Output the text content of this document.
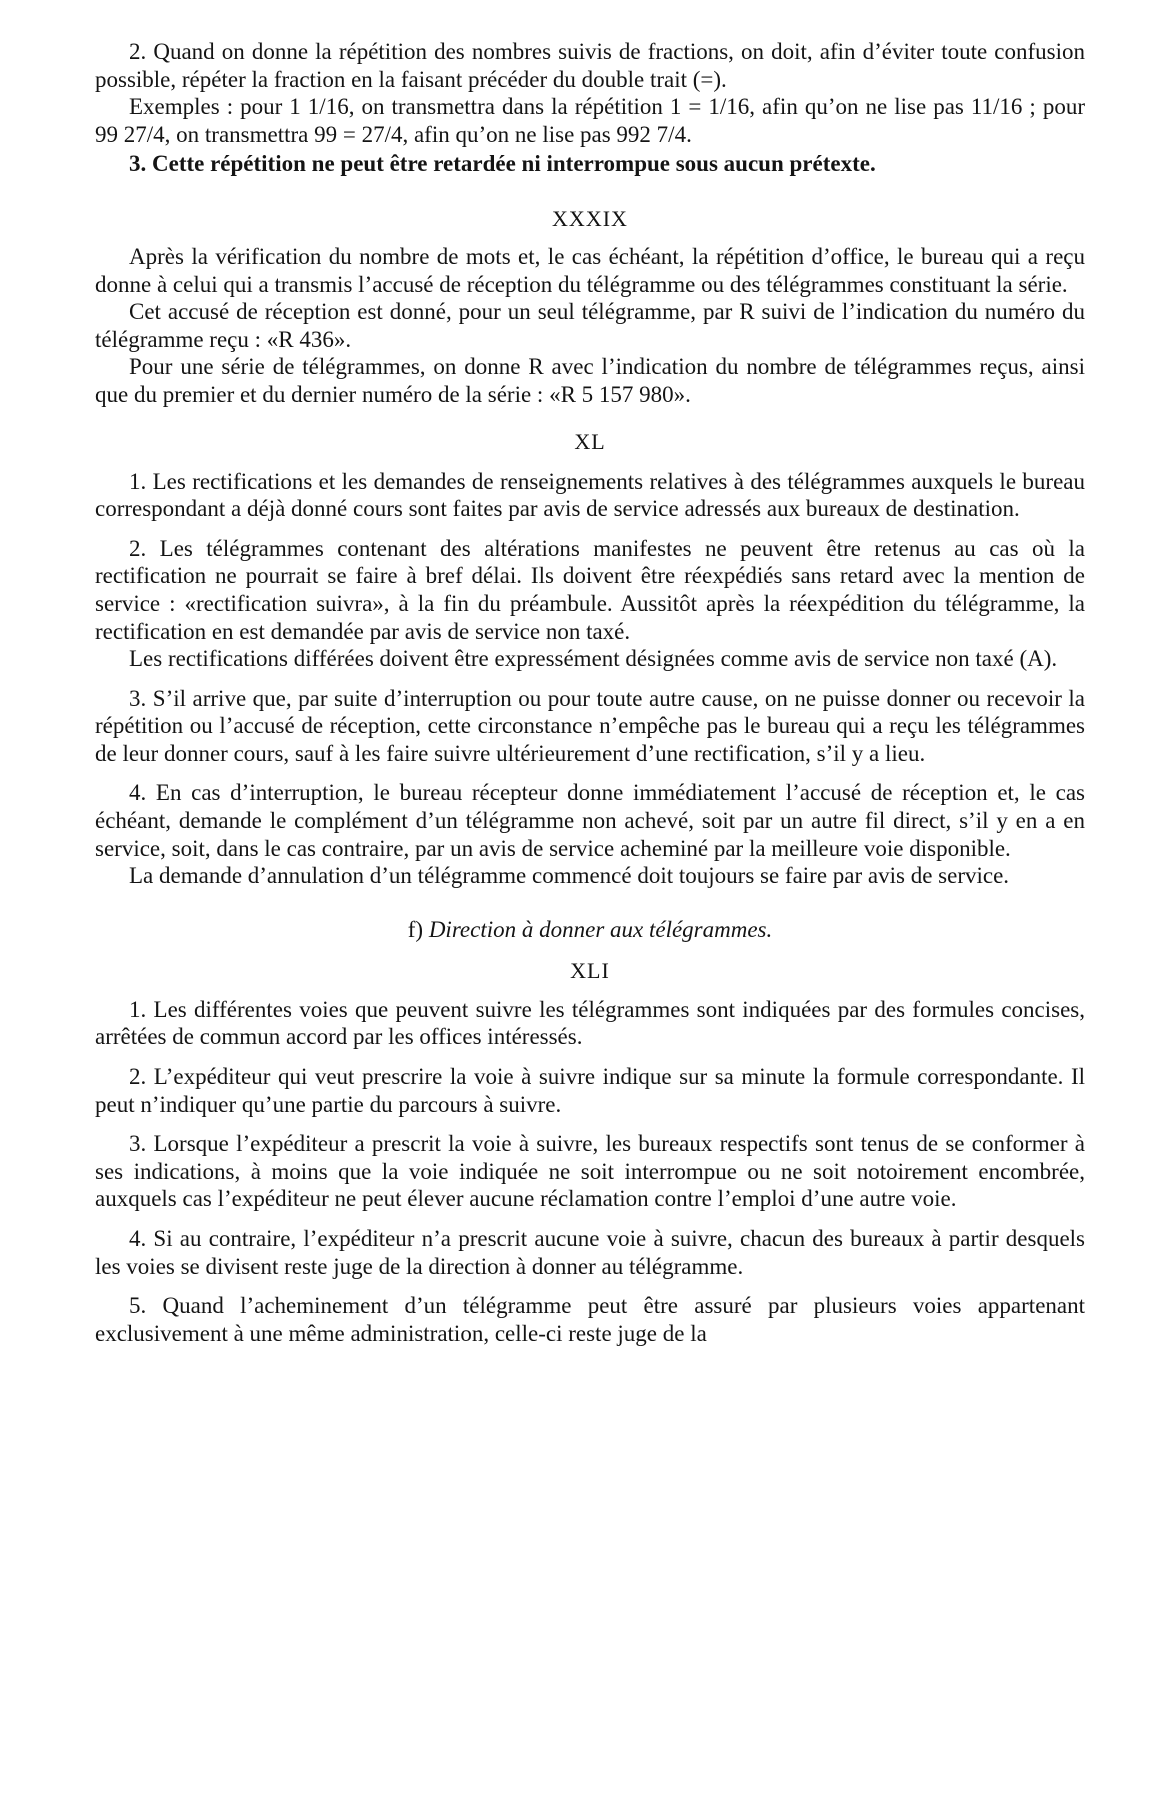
2. Quand on donne la répétition des nombres suivis de fractions, on doit, afin d’éviter toute confusion possible, répéter la fraction en la faisant précéder du double trait (=).

Exemples : pour 1 1/16, on transmettra dans la répétition 1 = 1/16, afin qu’on ne lise pas 11/16 ; pour 99 27/4, on transmettra 99 = 27/4, afin qu’on ne lise pas 992 7/4.

3. Cette répétition ne peut être retardée ni interrompue sous aucun prétexte.

XXXIX

Après la vérification du nombre de mots et, le cas échéant, la répétition d’office, le bureau qui a reçu donne à celui qui a transmis l’accusé de réception du télégramme ou des télégrammes constituant la série.

Cet accusé de réception est donné, pour un seul télégramme, par R suivi de l’indication du numéro du télégramme reçu : «R 436».

Pour une série de télégrammes, on donne R avec l’indication du nombre de télégrammes reçus, ainsi que du premier et du dernier numéro de la série : «R 5 157 980».

XL

1. Les rectifications et les demandes de renseignements relatives à des télégrammes auxquels le bureau correspondant a déjà donné cours sont faites par avis de service adressés aux bureaux de destination.

2. Les télégrammes contenant des altérations manifestes ne peuvent être retenus au cas où la rectification ne pourrait se faire à bref délai. Ils doivent être réexpédiés sans retard avec la mention de service : «rectification suivra», à la fin du préambule. Aussitôt après la réexpédition du télégramme, la rectification en est demandée par avis de service non taxé.

Les rectifications différées doivent être expressément désignées comme avis de service non taxé (A).

3. S’il arrive que, par suite d’interruption ou pour toute autre cause, on ne puisse donner ou recevoir la répétition ou l’accusé de réception, cette circonstance n’empêche pas le bureau qui a reçu les télégrammes de leur donner cours, sauf à les faire suivre ultérieurement d’une rectification, s’il y a lieu.

4. En cas d’interruption, le bureau récepteur donne immédiatement l’accusé de réception et, le cas échéant, demande le complément d’un télégramme non achevé, soit par un autre fil direct, s’il y en a en service, soit, dans le cas contraire, par un avis de service acheminé par la meilleure voie disponible.

La demande d’annulation d’un télégramme commencé doit toujours se faire par avis de service.

f) Direction à donner aux télégrammes.
XLI

1. Les différentes voies que peuvent suivre les télégrammes sont indiquées par des formules concises, arrêtées de commun accord par les offices intéressés.

2. L’expéditeur qui veut prescrire la voie à suivre indique sur sa minute la formule correspondante. Il peut n’indiquer qu’une partie du parcours à suivre.

3. Lorsque l’expéditeur a prescrit la voie à suivre, les bureaux respectifs sont tenus de se conformer à ses indications, à moins que la voie indiquée ne soit interrompue ou ne soit notoirement encombrée, auxquels cas l’expéditeur ne peut élever aucune réclamation contre l’emploi d’une autre voie.

4. Si au contraire, l’expéditeur n’a prescrit aucune voie à suivre, chacun des bureaux à partir desquels les voies se divisent reste juge de la direction à donner au télégramme.

5. Quand l’acheminement d’un télégramme peut être assuré par plusieurs voies appartenant exclusivement à une même administration, celle-ci reste juge de la
